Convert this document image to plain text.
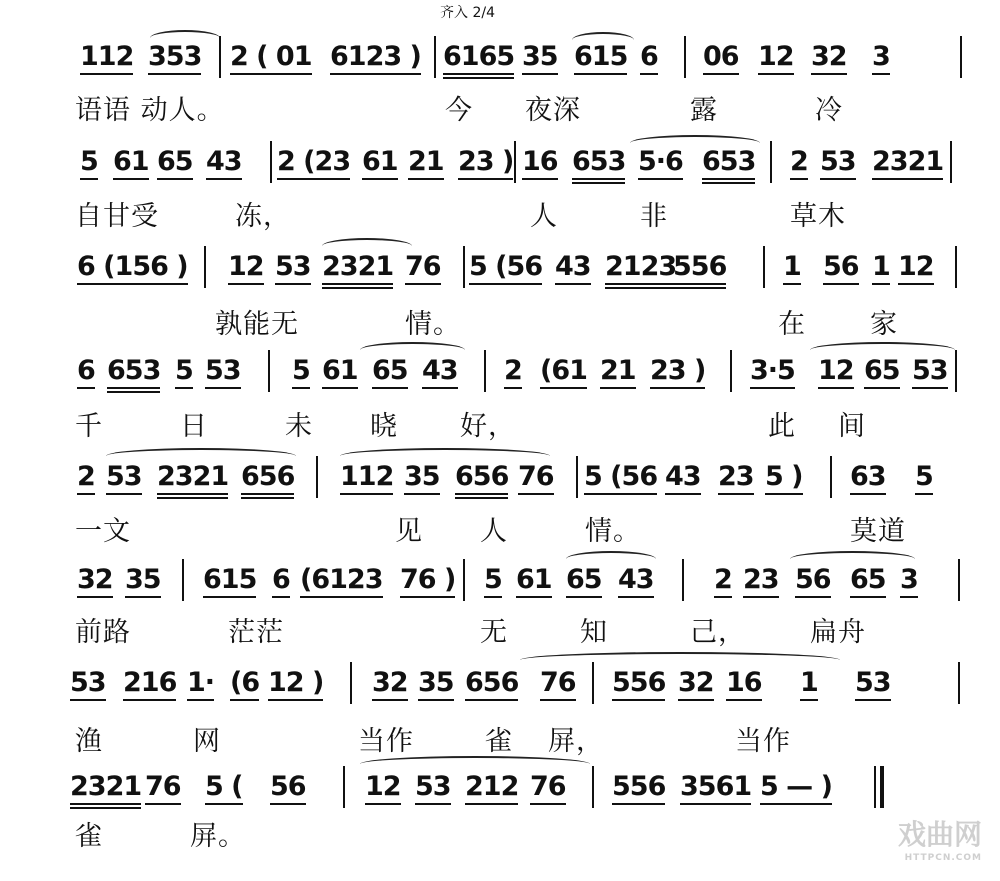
齐入 2/4
112 353 2 ( 01 6123 ) 6165 35 615 6 06 12 32 3
语语 动人。	今 夜深	露	冷
5 61 65 43 2 (23 61 21 23 ) 16 653 5·6 653 2 53 2321
自甘受	冻，	人	非	草木
6 (156 ) 12 53 2321 76 5 (56 43 2123
556 1 56 1 12
孰能无	情。	在 家
6 653 5 53 5 61 65 43 2 (61 21 23 ) 3·5 12 65 53
千	日	未 晓 好，	此 间
2 53 2321 656 112 35 656 76 5 (56 43 23 5 ) 63 5
一文	见 人	情。	莫道
32 35 615 6 (6123 76 ) 5 61 65 43 2 23 56 65 3
前路	茫茫	无	知	己， 扁舟
53 216 1· (6 12 ) 32 35 656 76 556 32 16 1 53
渔	网	当作	雀 屏，	当作
2321 76 5 ( 56 12 53 212 76 556 3561 5 — )
雀	屏。	戏曲网
HTTPCN.COM
